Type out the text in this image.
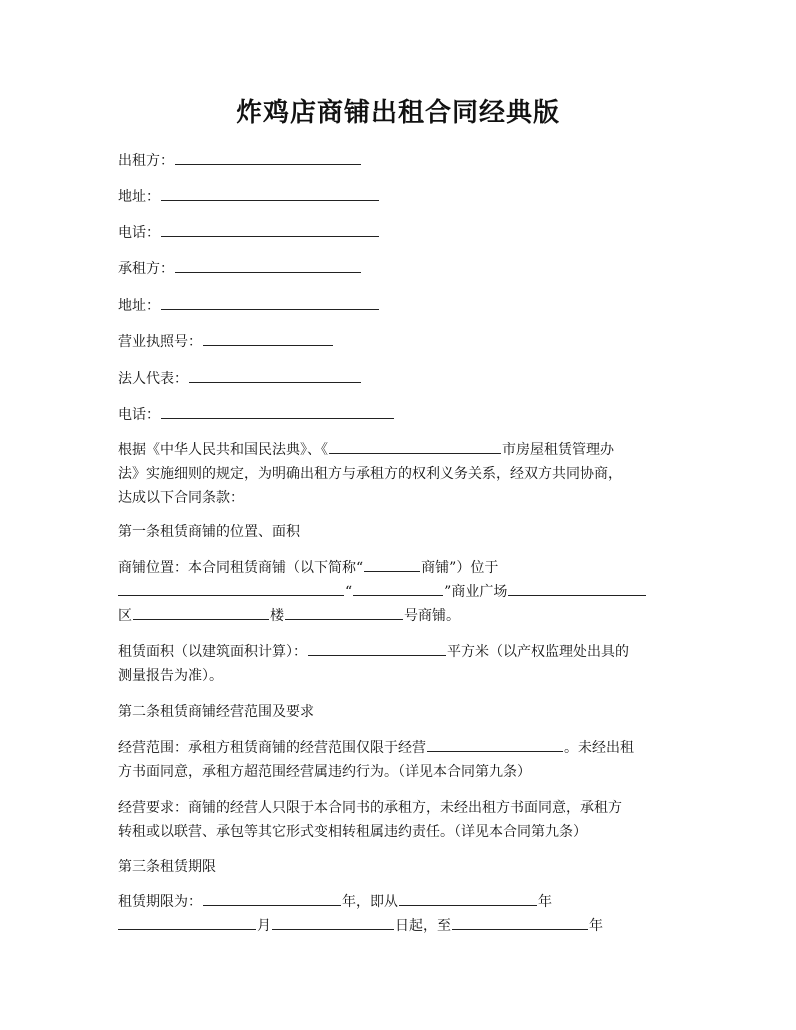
炸鸡店商铺出租合同经典版
出租方：
地址：
电话：
承租方：
地址：
营业执照号：
法人代表：
电话：
根据《中华人民共和国民法典》、《	市房屋租赁管理办
法》实施细则的规定，为明确出租方与承租方的权利义务关系，经双方共同协商，
达成以下合同条款：
第一条租赁商铺的位置、面积
商铺位置：本合同租赁商铺（以下简称“	商铺”）位于
“	”商业广场
区	楼	号商铺。
租赁面积（以建筑面积计算）：	平方米（以产权监理处出具的
测量报告为准）。
第二条租赁商铺经营范围及要求
经营范围：承租方租赁商铺的经营范围仅限于经营	。未经出租
方书面同意，承租方超范围经营属违约行为。（详见本合同第九条）
经营要求：商铺的经营人只限于本合同书的承租方，未经出租方书面同意，承租方
转租或以联营、承包等其它形式变相转租属违约责任。（详见本合同第九条）
第三条租赁期限
租赁期限为：	年，即从	年
月	日起，至	年
